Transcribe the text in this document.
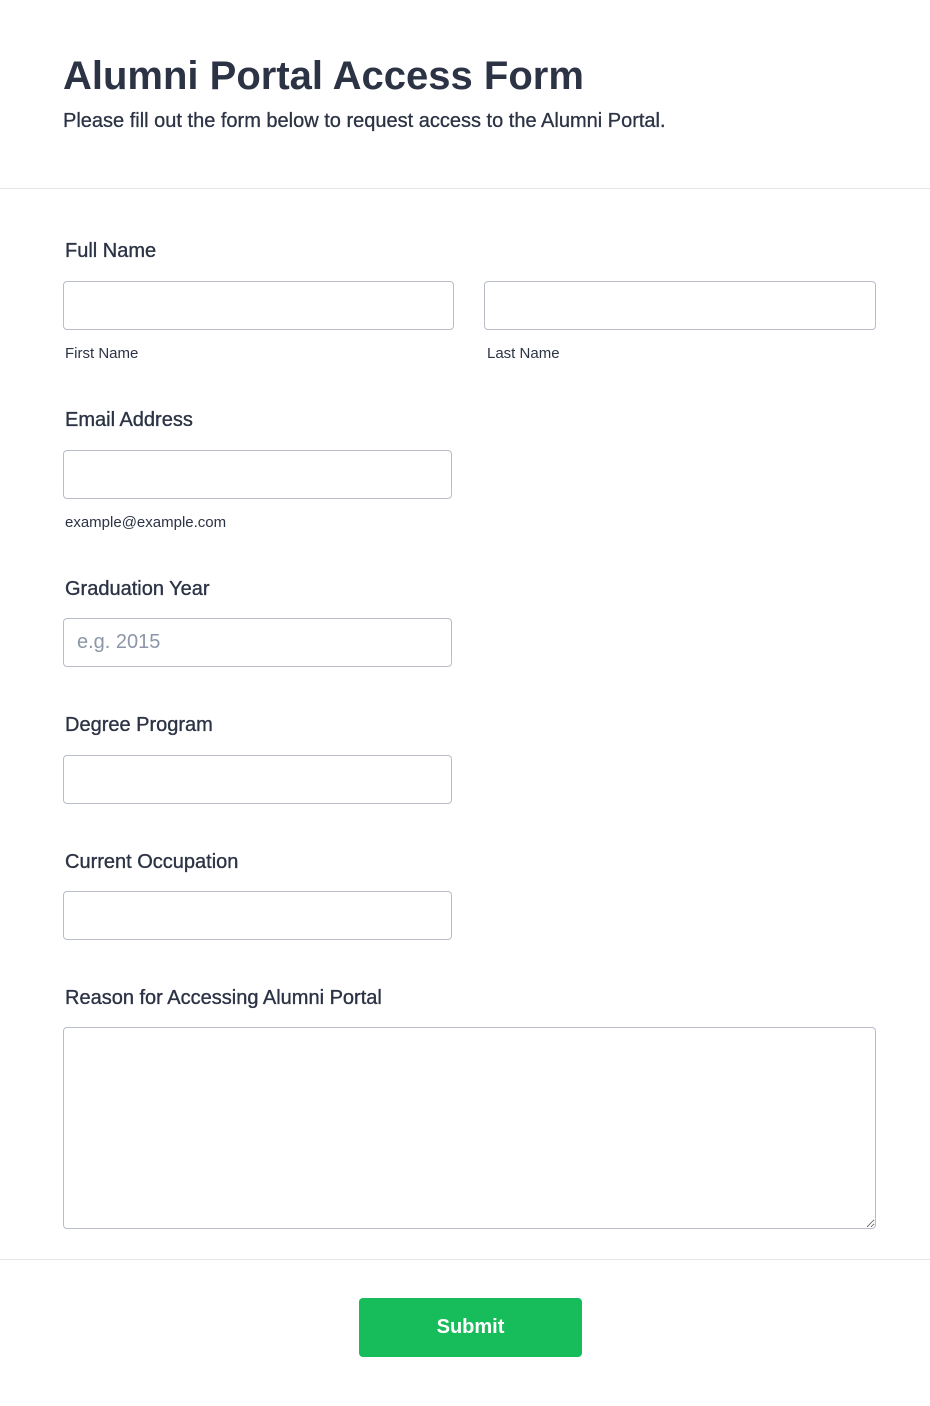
Alumni Portal Access Form

Please fill out the form below to request access to the Alumni Portal.

Full Name
First Name	Last Name
Email Address
example@example.com
Graduation Year
e.g. 2015
Degree Program
Current Occupation
Reason for Accessing Alumni Portal
Submit
